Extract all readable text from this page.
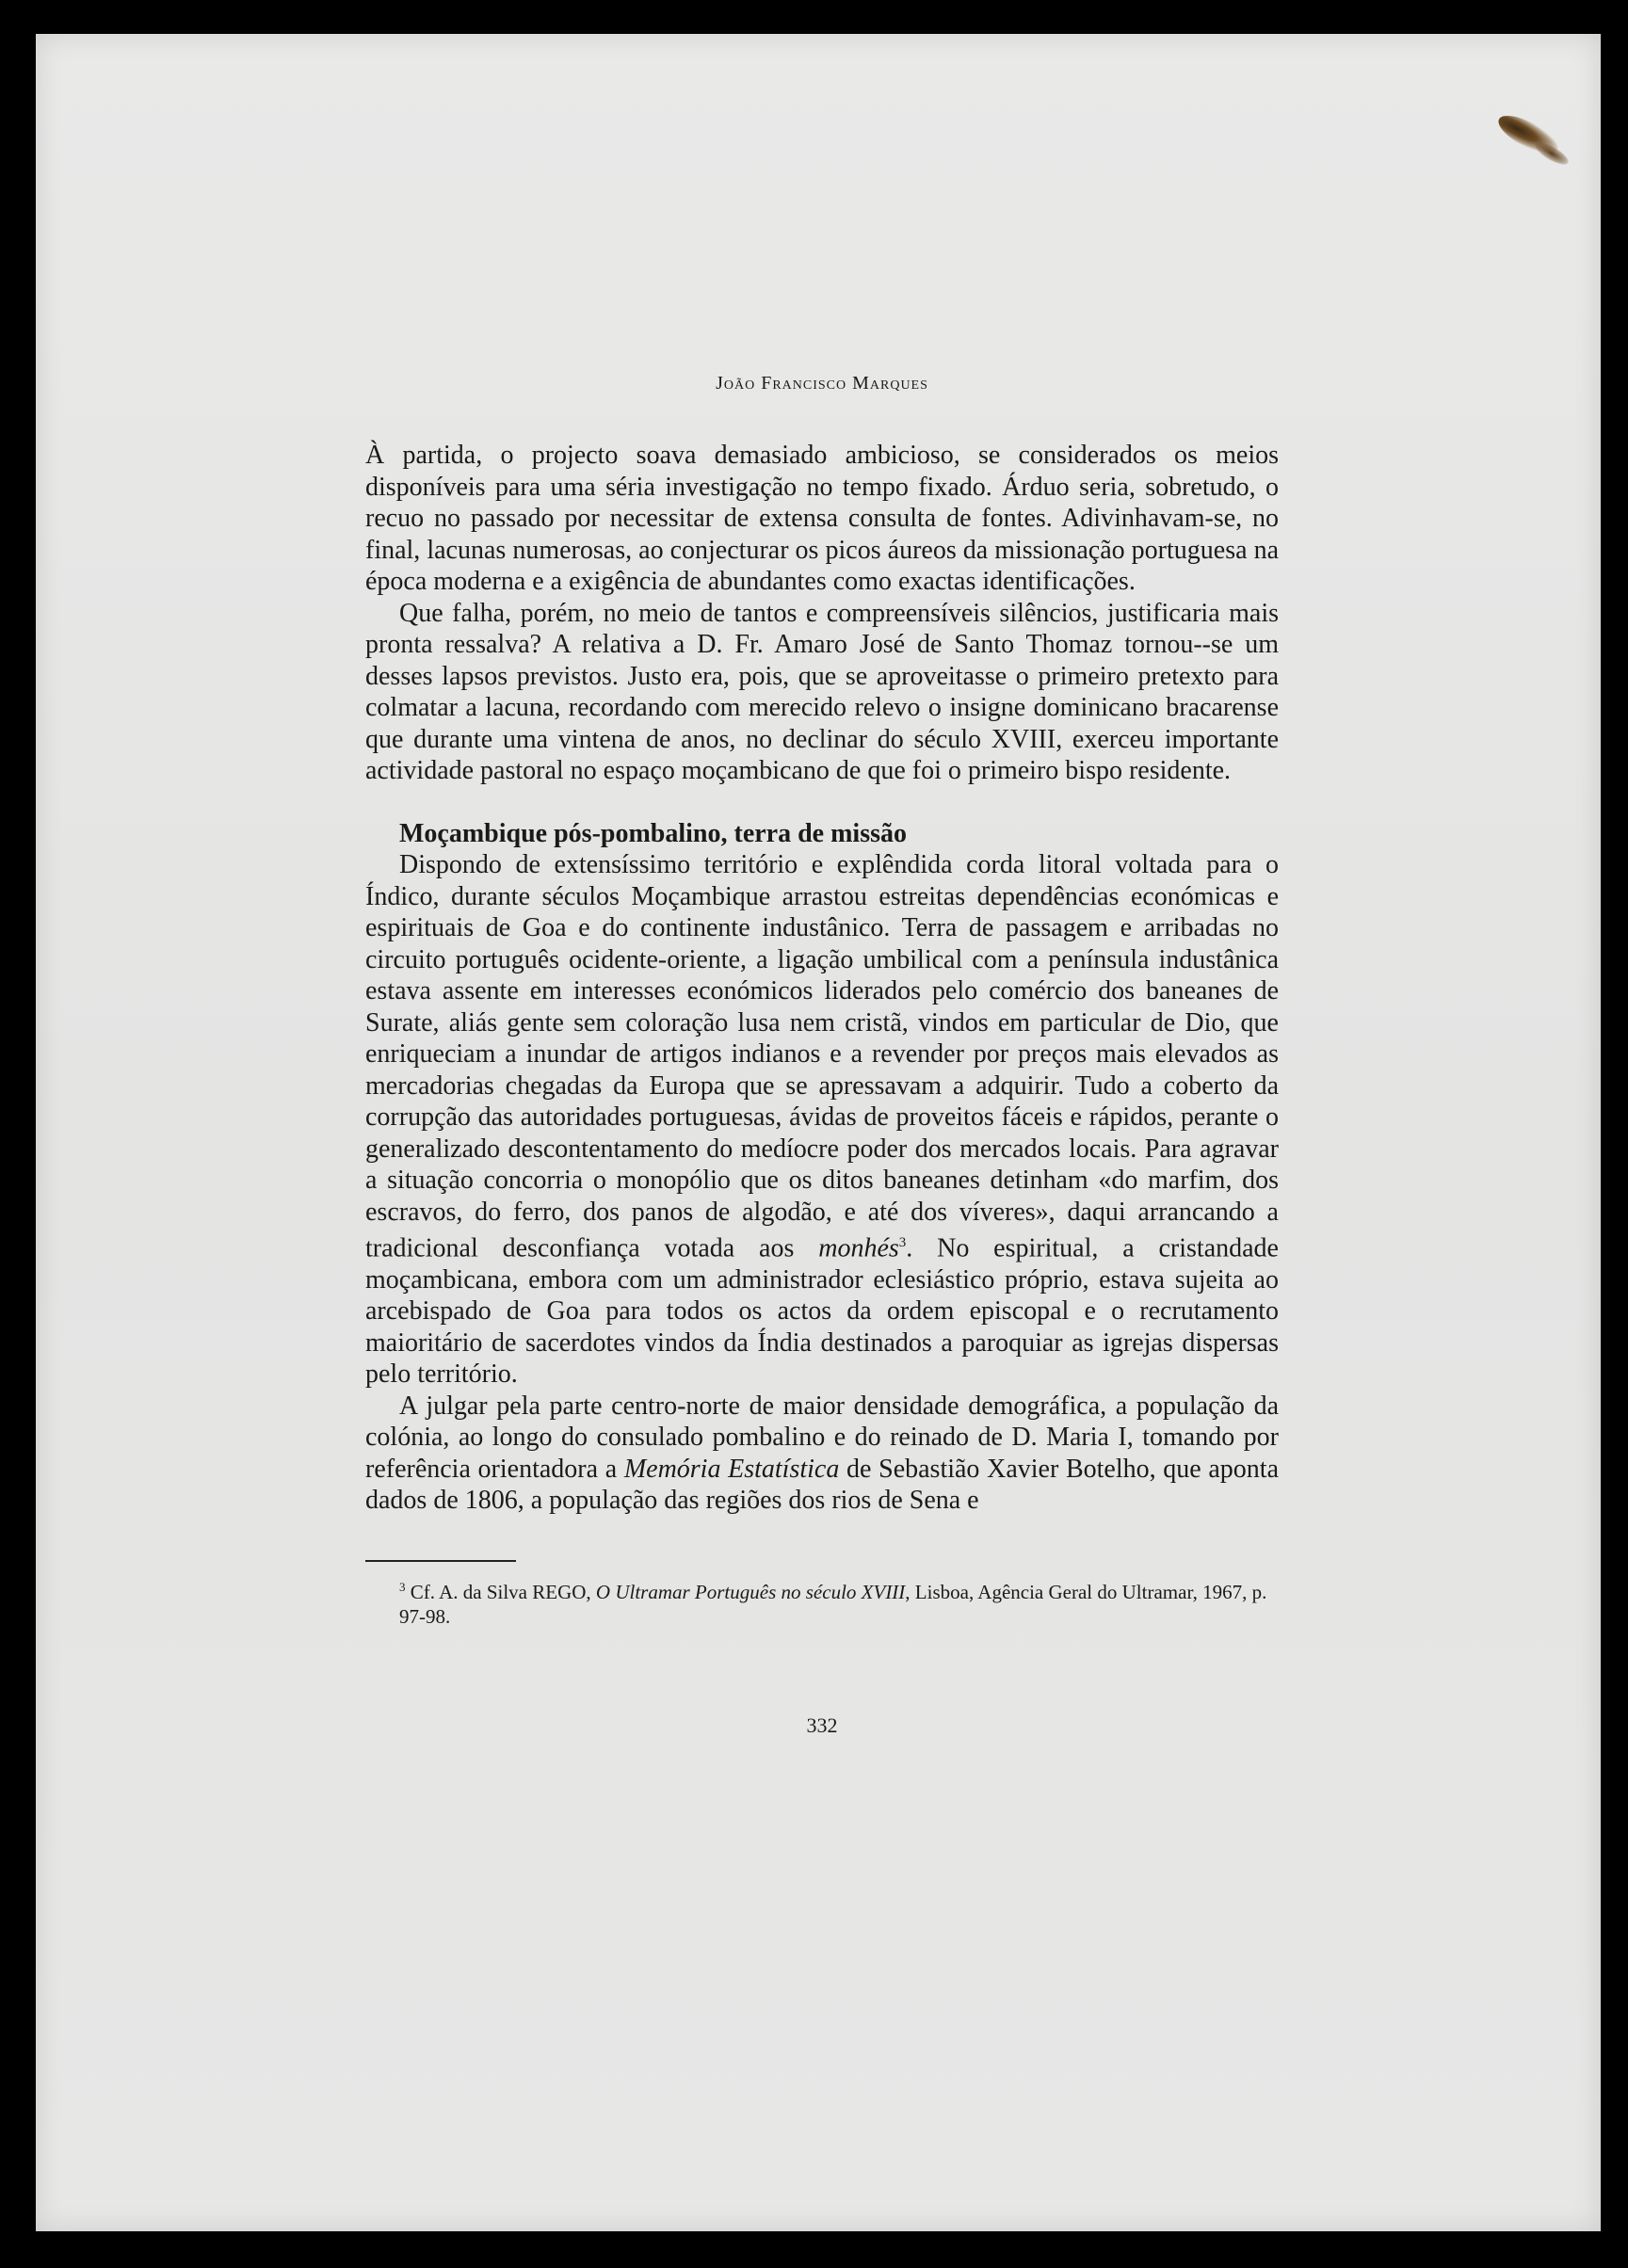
João Francisco Marques

À partida, o projecto soava demasiado ambicioso, se considerados os meios disponíveis para uma séria investigação no tempo fixado. Árduo seria, sobretudo, o recuo no passado por necessitar de extensa consulta de fontes. Adivinhavam-se, no final, lacunas numerosas, ao conjecturar os picos áureos da missionação portuguesa na época moderna e a exigência de abundantes como exactas identificações.

Que falha, porém, no meio de tantos e compreensíveis silêncios, justificaria mais pronta ressalva? A relativa a D. Fr. Amaro José de Santo Thomaz tornou--se um desses lapsos previstos. Justo era, pois, que se aproveitasse o primeiro pretexto para colmatar a lacuna, recordando com merecido relevo o insigne dominicano bracarense que durante uma vintena de anos, no declinar do século XVIII, exerceu importante actividade pastoral no espaço moçambicano de que foi o primeiro bispo residente.

Moçambique pós-pombalino, terra de missão

Dispondo de extensíssimo território e explêndida corda litoral voltada para o Índico, durante séculos Moçambique arrastou estreitas dependências económicas e espirituais de Goa e do continente industânico. Terra de passagem e arribadas no circuito português ocidente-oriente, a ligação umbilical com a península industânica estava assente em interesses económicos liderados pelo comércio dos baneanes de Surate, aliás gente sem coloração lusa nem cristã, vindos em particular de Dio, que enriqueciam a inundar de artigos indianos e a revender por preços mais elevados as mercadorias chegadas da Europa que se apressavam a adquirir. Tudo a coberto da corrupção das autoridades portuguesas, ávidas de proveitos fáceis e rápidos, perante o generalizado descontentamento do medíocre poder dos mercados locais. Para agravar a situação concorria o monopólio que os ditos baneanes detinham «do marfim, dos escravos, do ferro, dos panos de algodão, e até dos víveres», daqui arrancando a tradicional desconfiança votada aos monhés$^3$. No espiritual, a cristandade moçambicana, embora com um administrador eclesiástico próprio, estava sujeita ao arcebispado de Goa para todos os actos da ordem episcopal e o recrutamento maioritário de sacerdotes vindos da Índia destinados a paroquiar as igrejas dispersas pelo território.

A julgar pela parte centro-norte de maior densidade demográfica, a população da colónia, ao longo do consulado pombalino e do reinado de D. Maria I, tomando por referência orientadora a Memória Estatística de Sebastião Xavier Botelho, que aponta dados de 1806, a população das regiões dos rios de Sena e

$^3$ Cf. A. da Silva REGO, O Ultramar Português no século XVIII, Lisboa, Agência Geral do Ultramar, 1967, p. 97-98.

332
